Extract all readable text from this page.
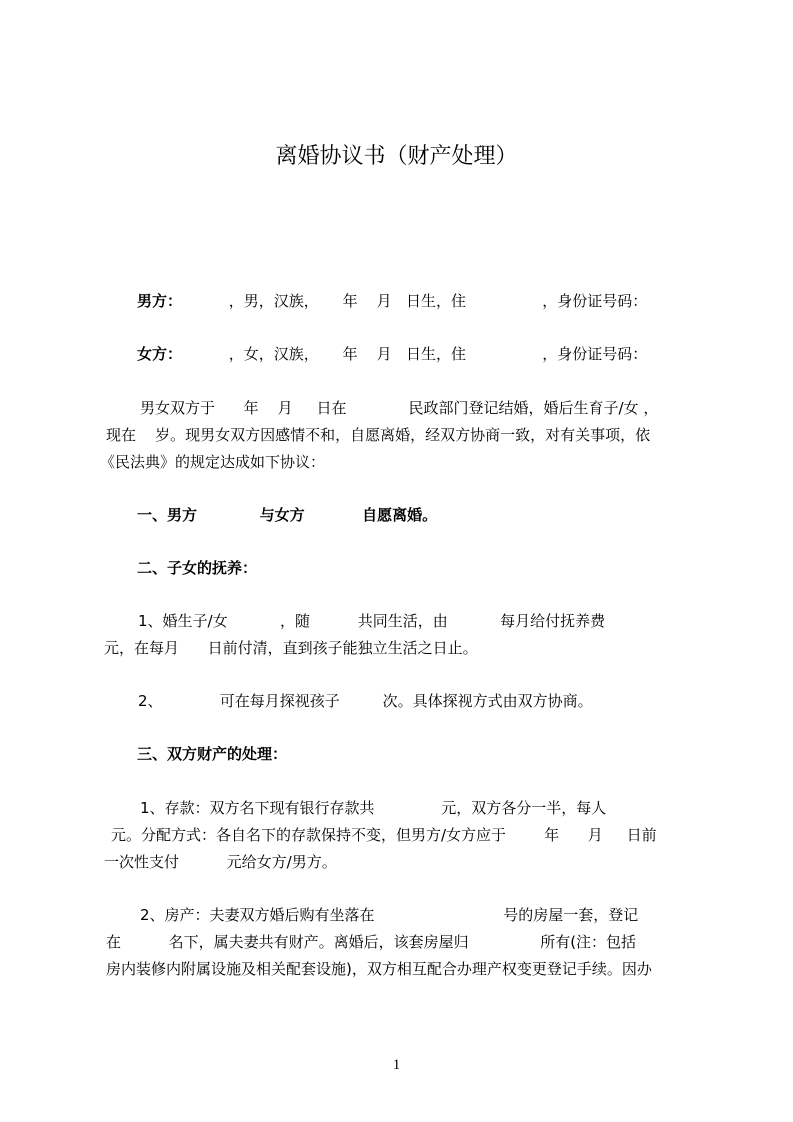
离婚协议书（财产处理）
男方：	，男，汉族，     年    月   日生，住                ，身份证号码：
女方：	，女，汉族，     年    月   日生，住                ，身份证号码：
男女双方于      年    月     日在             民政部门登记结婚，婚后生育子/女 ，
现在    岁。现男女双方因感情不和，自愿离婚，经双方协商一致，对有关事项，依
《民法典》的规定达成如下协议：
一、男方            与女方           自愿离婚。
二、子女的抚养：
1、婚生子/女           ，随          共同生活，由           每月给付抚养费
元，在每月      日前付清，直到孩子能独立生活之日止。
2、            可在每月探视孩子         次。具体探视方式由双方协商。
三、双方财产的处理：
1、存款：双方名下现有银行存款共              元，双方各分一半，每人
元。分配方式：各自名下的存款保持不变，但男方/女方应于        年      月     日前
一次性支付          元给女方/男方。
2、房产：夫妻双方婚后购有坐落在                           号的房屋一套，登记
在          名下，属夫妻共有财产。离婚后，该套房屋归               所有(注：包括
房内装修内附属设施及相关配套设施)，双方相互配合办理产权变更登记手续。因办
1
